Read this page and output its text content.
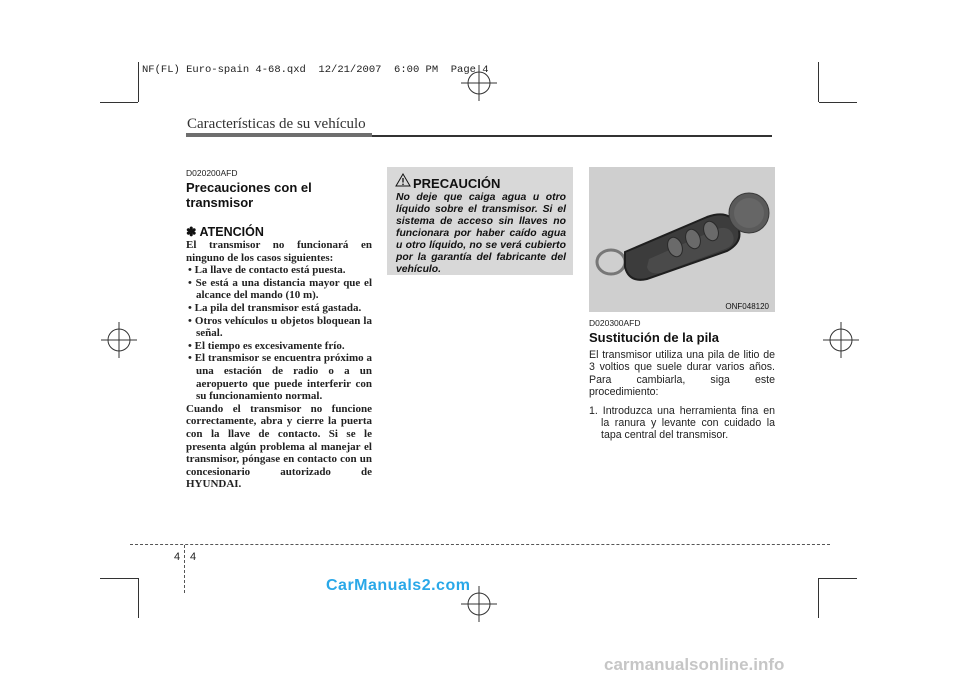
NF(FL) Euro-spain 4-68.qxd  12/21/2007  6:00 PM  Page 4
Características de su vehículo
D020200AFD
Precauciones con el transmisor
✽ ATENCIÓN
El transmisor no funcionará en ninguno de los casos siguientes:
• La llave de contacto está puesta.
• Se está a una distancia mayor que el alcance del mando (10 m).
• La pila del transmisor está gastada.
• Otros vehículos u objetos bloquean la señal.
• El tiempo es excesivamente frío.
• El transmisor se encuentra próximo a una estación de radio o a un aeropuerto que puede interferir con su funcionamiento normal.
Cuando el transmisor no funcione correctamente, abra y cierre la puerta con la llave de contacto. Si se le presenta algún problema al manejar el transmisor, póngase en contacto con un concesionario autorizado de HYUNDAI.
PRECAUCIÓN
No deje que caiga agua u otro líquido sobre el transmisor. Si el sistema de acceso sin llaves no funcionara por haber caído agua u otro líquido, no se verá cubierto por la garantía del fabricante del vehículo.
ONF048120
D020300AFD
Sustitución de la pila
El transmisor utiliza una pila de litio de 3 voltios que suele durar varios años. Para cambiarla, siga este procedimiento:
1. Introduzca una herramienta fina en la ranura y levante con cuidado la tapa central del transmisor.
4 4
CarManuals2.com
carmanualsonline.info
